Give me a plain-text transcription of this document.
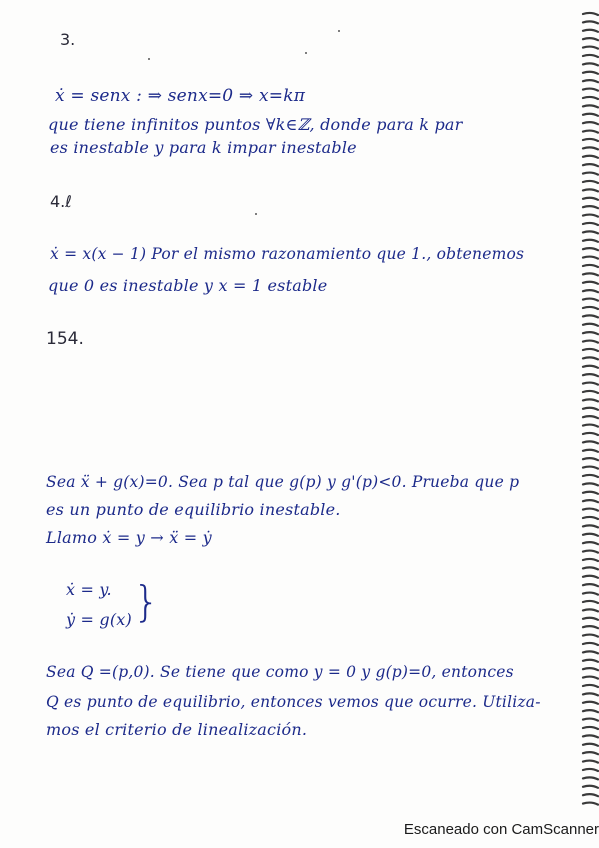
3.
ẋ = senx : ⇒ senx=0 ⇒ x=kπ
que tiene infinitos puntos ∀k∈ℤ, donde para k par
es inestable y para k impar inestable
4.ℓ
ẋ = x(x − 1) Por el mismo razonamiento que 1., obtenemos
que 0 es inestable y x = 1 estable
154.
Sea ẍ + g(x)=0. Sea p tal que g(p) y g'(p)<0. Prueba que p
es un punto de equilibrio inestable.
Llamo ẋ = y → ẍ = ẏ
ẋ = y.
ẏ = g(x) }
Sea Q =(p,0). Se tiene que como y = 0 y g(p)=0, entonces
Q es punto de equilibrio, entonces vemos que ocurre. Utiliza-
mos el criterio de linealización.
Escaneado con CamScanner
